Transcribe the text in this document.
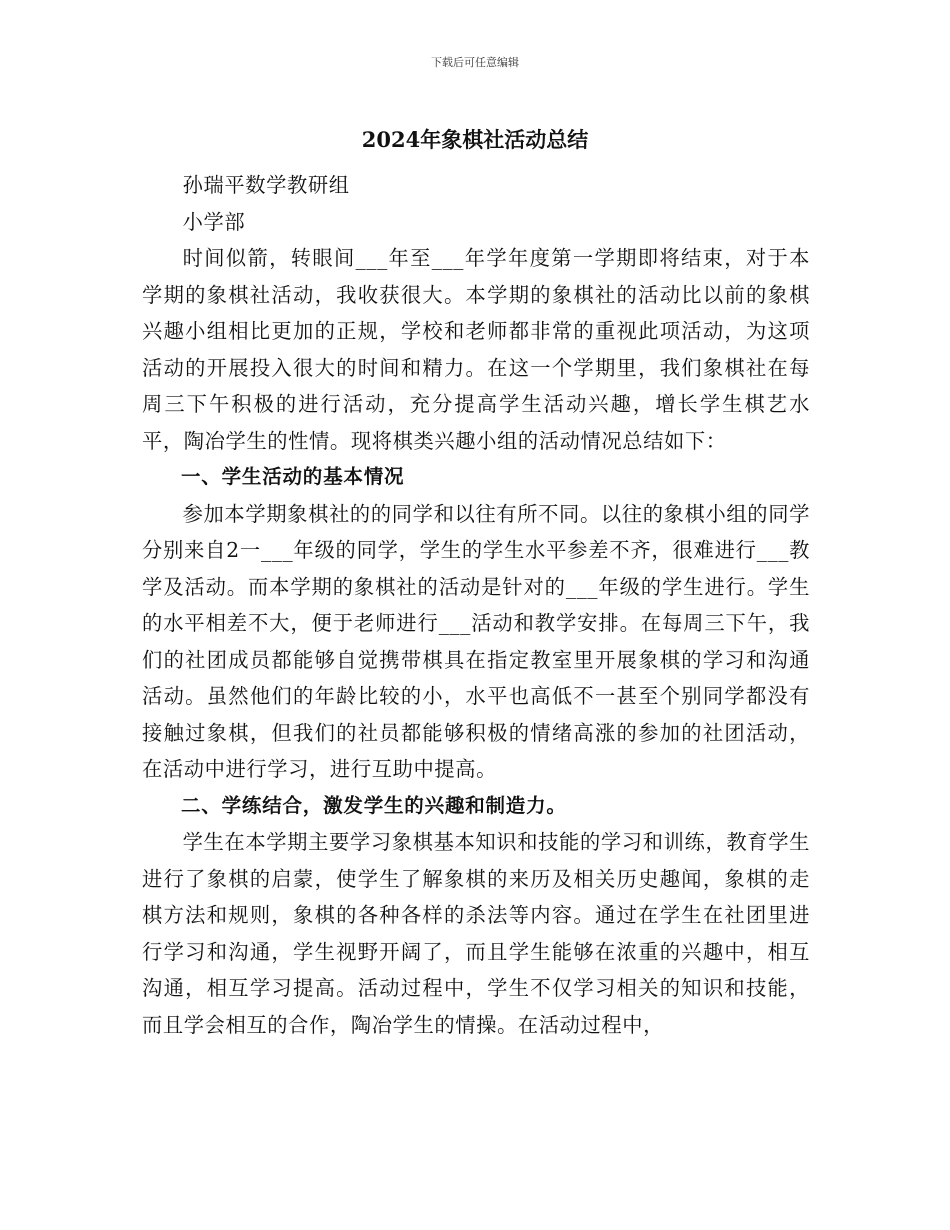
下载后可任意编辑
2024年象棋社活动总结

孙瑞平数学教研组

小学部

时间似箭，转眼间___年至___年学年度第一学期即将结束，对于本学期的象棋社活动，我收获很大。本学期的象棋社的活动比以前的象棋兴趣小组相比更加的正规，学校和老师都非常的重视此项活动，为这项活动的开展投入很大的时间和精力。在这一个学期里，我们象棋社在每周三下午积极的进行活动，充分提高学生活动兴趣，增长学生棋艺水平，陶冶学生的性情。现将棋类兴趣小组的活动情况总结如下：

一、学生活动的基本情况

参加本学期象棋社的的同学和以往有所不同。以往的象棋小组的同学分别来自2一___年级的同学，学生的学生水平参差不齐，很难进行___教学及活动。而本学期的象棋社的活动是针对的___年级的学生进行。学生的水平相差不大，便于老师进行___活动和教学安排。在每周三下午，我们的社团成员都能够自觉携带棋具在指定教室里开展象棋的学习和沟通活动。虽然他们的年龄比较的小，水平也高低不一甚至个别同学都没有接触过象棋，但我们的社员都能够积极的情绪高涨的参加的社团活动，在活动中进行学习，进行互助中提高。

二、学练结合，激发学生的兴趣和制造力。

学生在本学期主要学习象棋基本知识和技能的学习和训练，教育学生进行了象棋的启蒙，使学生了解象棋的来历及相关历史趣闻，象棋的走棋方法和规则，象棋的各种各样的杀法等内容。通过在学生在社团里进行学习和沟通，学生视野开阔了，而且学生能够在浓重的兴趣中，相互沟通，相互学习提高。活动过程中，学生不仅学习相关的知识和技能，而且学会相互的合作，陶冶学生的情操。在活动过程中，
